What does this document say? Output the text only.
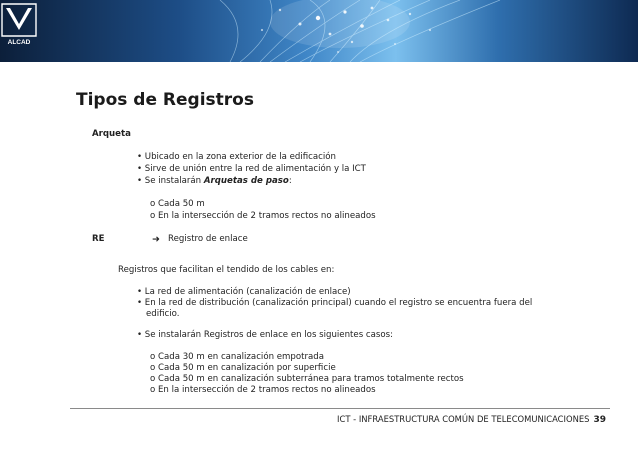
ALCAD
Tipos de Registros
Arqueta
• Ubicado en la zona exterior de la edificación
• Sirve de unión entre la red de alimentación y la ICT
• Se instalarán Arquetas de paso:
o Cada 50 m
o En la intersección de 2 tramos rectos no alineados
RE	➜ Registro de enlace
Registros que facilitan el tendido de los cables en:
• La red de alimentación (canalización de enlace)
• En la red de distribución (canalización principal) cuando el registro se encuentra fuera del
edificio.
• Se instalarán Registros de enlace en los siguientes casos:
o Cada 30 m en canalización empotrada
o Cada 50 m en canalización por superficie
o Cada 50 m en canalización subterránea para tramos totalmente rectos
o En la intersección de 2 tramos rectos no alineados
ICT - INFRAESTRUCTURA COMÚN DE TELECOMUNICACIONES 39
